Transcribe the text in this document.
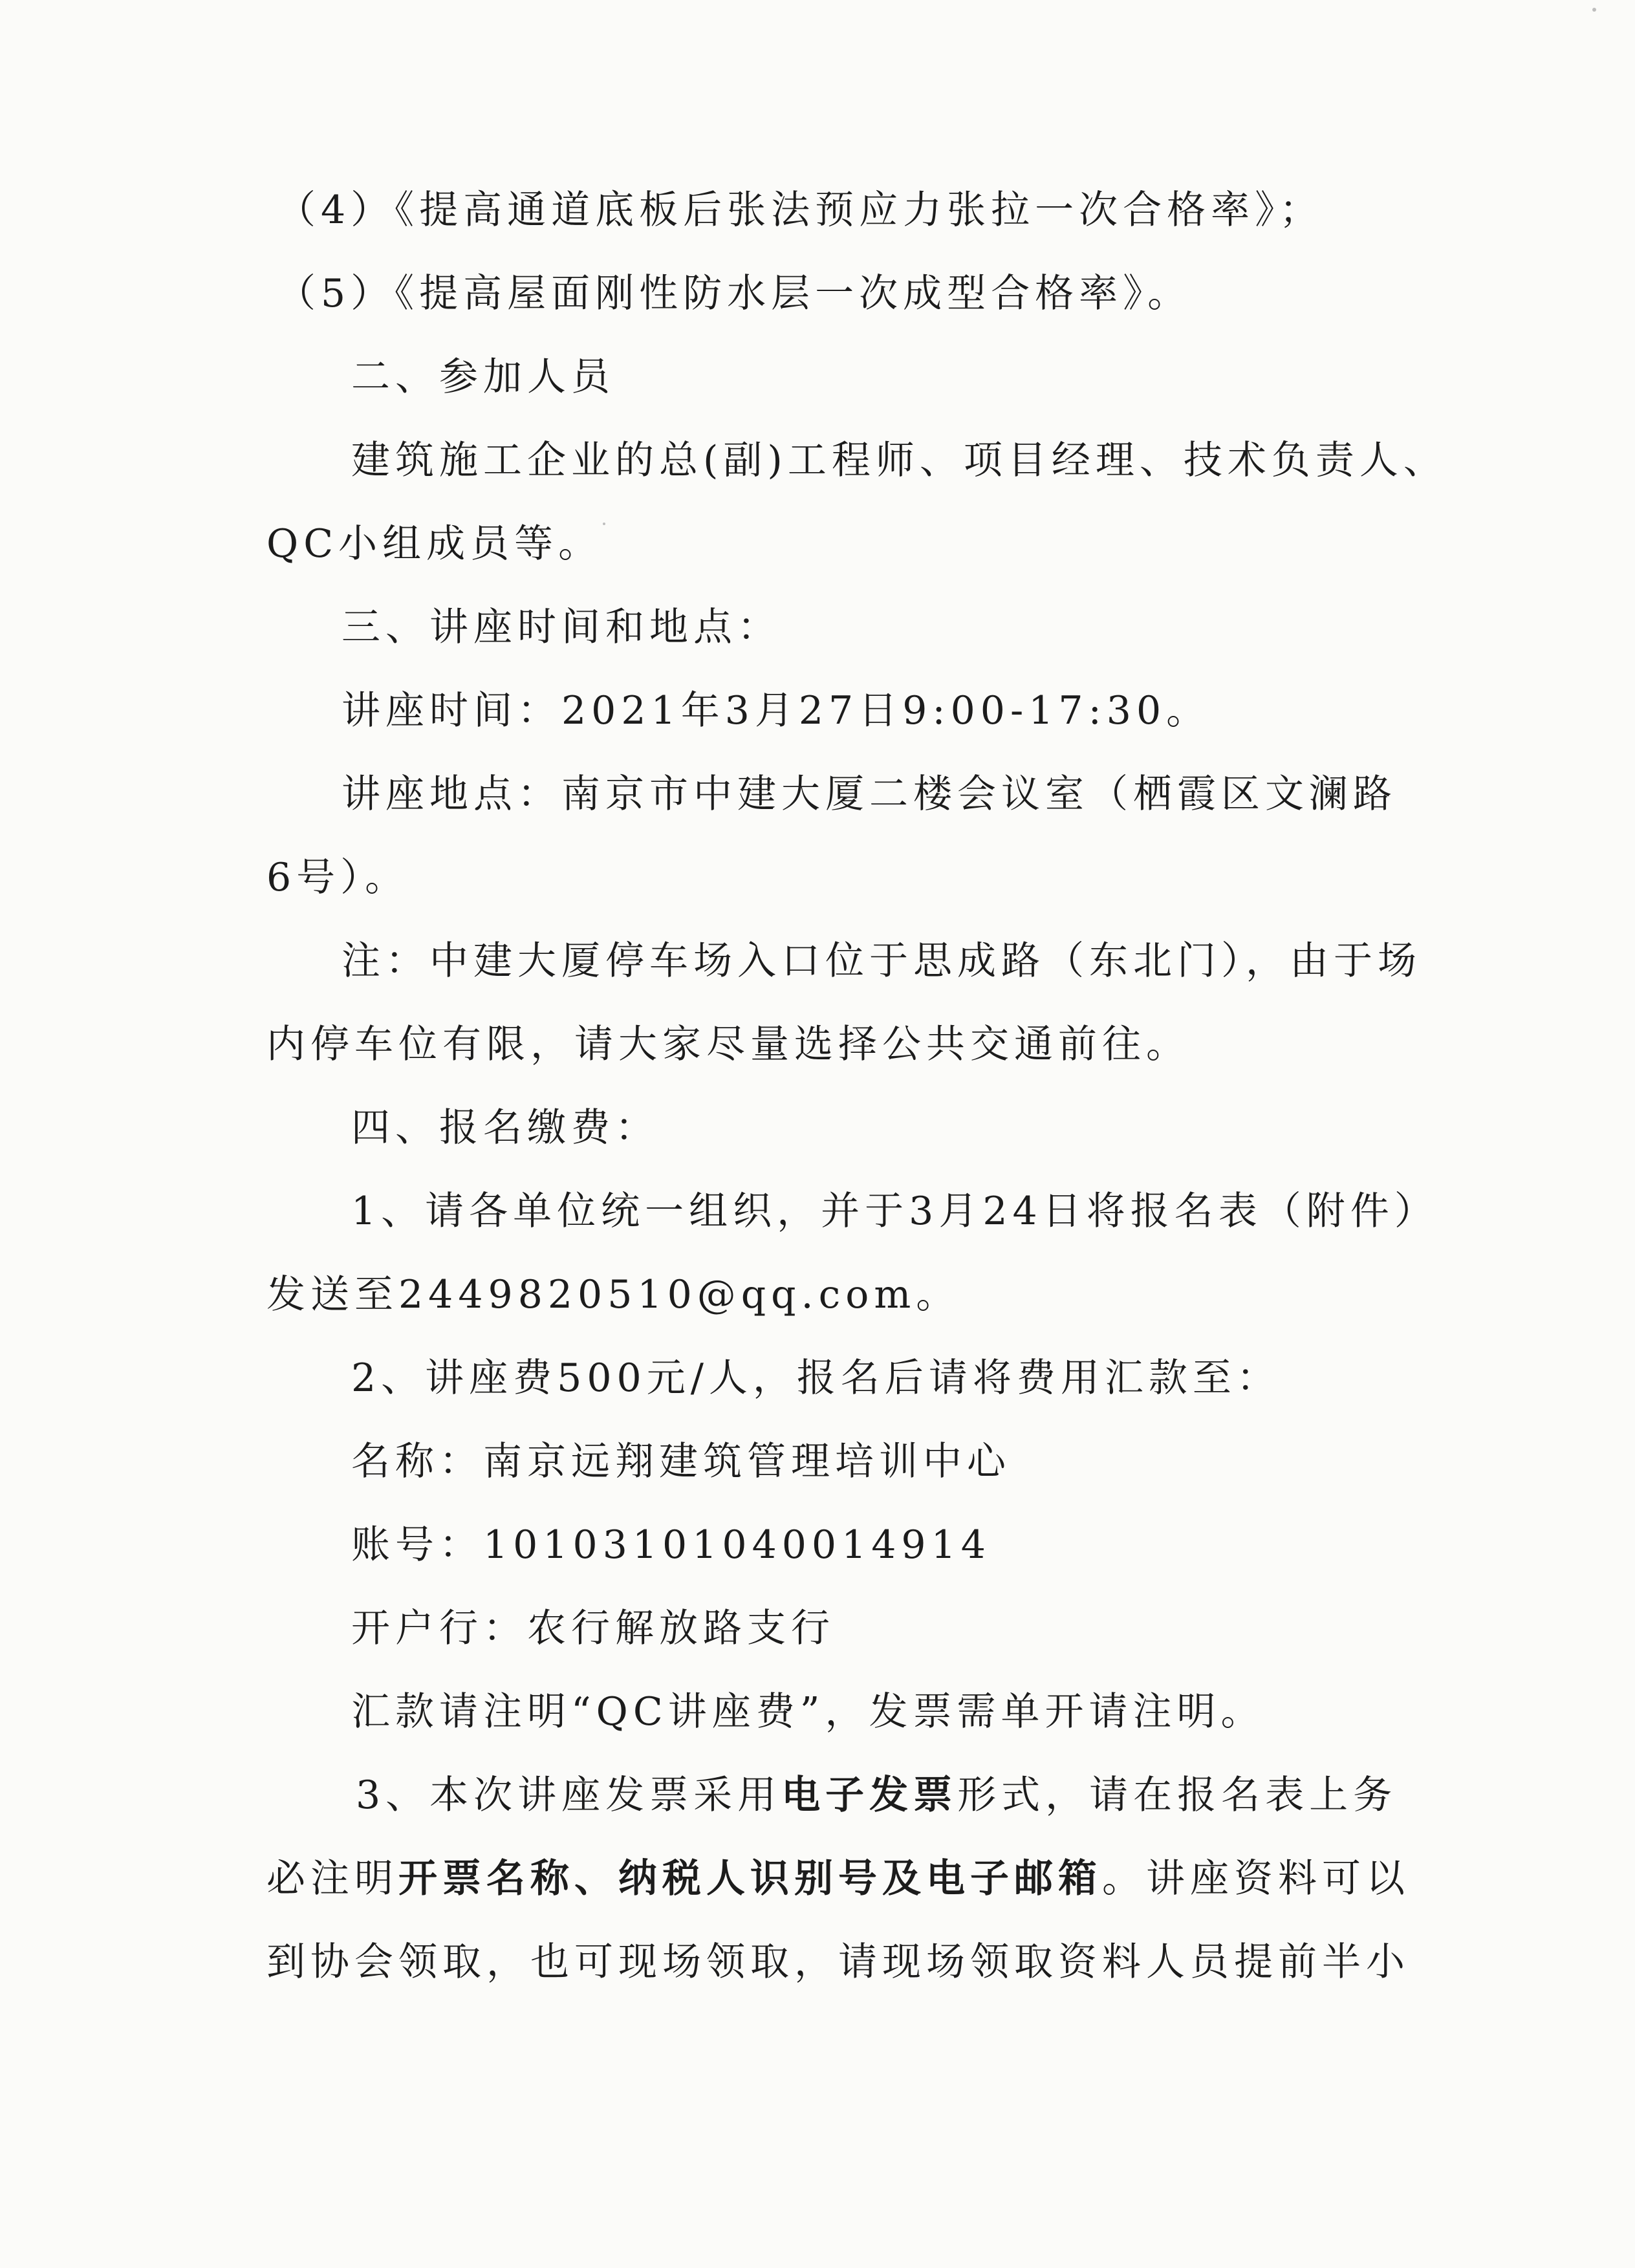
（4）《提高通道底板后张法预应力张拉一次合格率》；
（5）《提高屋面刚性防水层一次成型合格率》。
二、参加人员
建筑施工企业的总(副)工程师、项目经理、技术负责人、
QC小组成员等。
三、讲座时间和地点：
讲座时间：2021年3月27日9:00-17:30。
讲座地点：南京市中建大厦二楼会议室（栖霞区文澜路
6号）。
注：中建大厦停车场入口位于思成路（东北门），由于场
内停车位有限，请大家尽量选择公共交通前往。
四、报名缴费：
1、请各单位统一组织，并于3月24日将报名表（附件）
发送至2449820510@qq.com。
2、讲座费500元/人，报名后请将费用汇款至：
名称：南京远翔建筑管理培训中心
账号：10103101040014914
开户行：农行解放路支行
汇款请注明“QC讲座费”，发票需单开请注明。
3、本次讲座发票采用电子发票形式，请在报名表上务
必注明开票名称、纳税人识别号及电子邮箱。讲座资料可以
到协会领取，也可现场领取，请现场领取资料人员提前半小
